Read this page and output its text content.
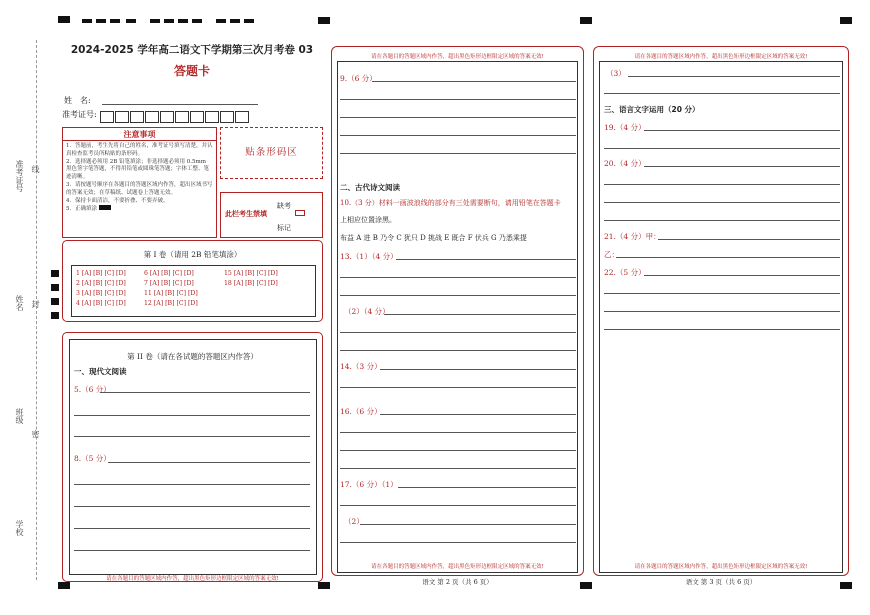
准考证号 线
姓名 封
班级
密
学校
2024-2025 学年高二语文下学期第三次月考卷 03
答题卡
姓　名:
准考证号:
注意事项
1．答题前，考生先将自己的姓名，准考证号填写清楚，并认真检查监考员所粘贴的条形码。
2．选择题必须用 2B 铅笔填涂；非选择题必须用 0.5mm 黑色签字笔答题，不得用铅笔或圆珠笔答题；字体工整、笔迹清晰。
3．请按题号顺序在各题目的答题区域内作答，超出区域书写的答案无效；在草稿纸、试题卷上答题无效。
4．保持卡面清洁，不要折叠、不要弄破。
5．正确填涂
贴条形码区
此栏考生禁填
缺考
标记
第 I 卷（请用 2B 铅笔填涂）
1 [A] [B] [C] [D]
2 [A] [B] [C] [D]
3 [A] [B] [C] [D]
4 [A] [B] [C] [D]
6 [A] [B] [C] [D]
7 [A] [B] [C] [D]
11 [A] [B] [C] [D]
12 [A] [B] [C] [D]
15 [A] [B] [C] [D]
18 [A] [B] [C] [D]
第 II 卷（请在各试题的答题区内作答）
一、现代文阅读
5.（6 分）
8.（5 分）
请在各题目的答题区域内作答，超出黑色矩形边框限定区域的答案无效!
请在各题目的答题区域内作答，超出黑色矩形边框限定区域的答案无效!
9.（6 分）
二、古代诗文阅读
10.（3 分）材料一画波浪线的部分有三处需要断句，请用铅笔在答题卡
上相应位置涂黑。
布益 A 进 B 乃令 C 犹只 D 挑战 E 既合 F 伏兵 G 乃悉乘提
13.（1）（4 分）
（2）（4 分）
14.（3 分）
16.（6 分）
17.（6 分）（1）
（2）
请在各题目的答题区域内作答，超出黑色矩形边框限定区域的答案无效!
语文 第 2 页（共 6 页）
请在各题目的答题区域内作答，超出黑色矩形边框限定区域的答案无效!
（3）
三、语言文字运用（20 分）
19.（4 分）
20.（4 分）
21.（4 分）甲：
乙：
22.（5 分）
请在各题目的答题区域内作答，超出黑色矩形边框限定区域的答案无效!
语文 第 3 页（共 6 页）
